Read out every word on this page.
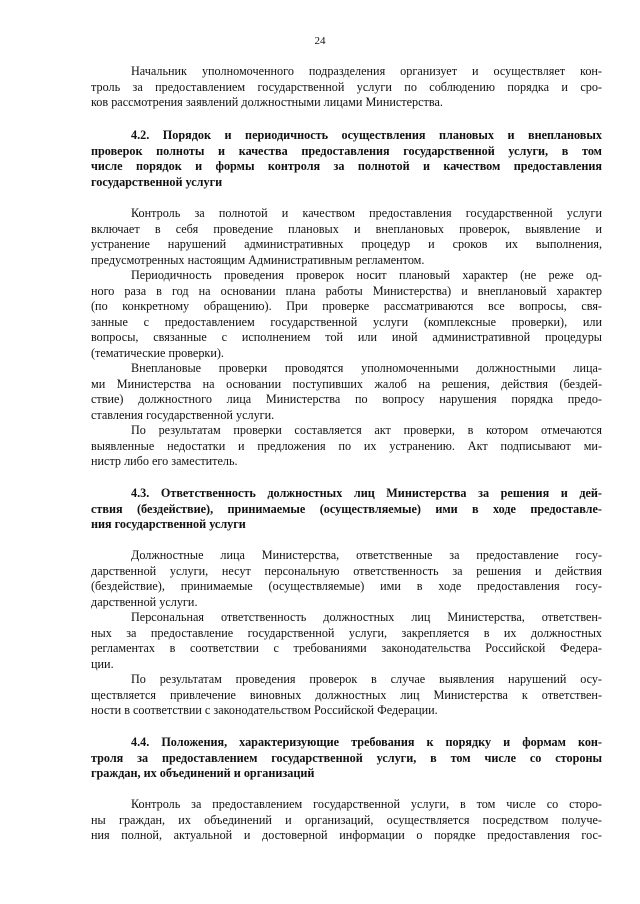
24
Начальник уполномоченного подразделения организует и осуществляет кон-
троль за предоставлением государственной услуги по соблюдению порядка и сро-
ков рассмотрения заявлений должностными лицами Министерства.
4.2. Порядок и периодичность осуществления плановых и внеплановых
проверок полноты и качества предоставления государственной услуги, в том
числе порядок и формы контроля за полнотой и качеством предоставления
государственной услуги
Контроль за полнотой и качеством предоставления государственной услуги
включает в себя проведение плановых и внеплановых проверок, выявление и
устранение нарушений административных процедур и сроков их выполнения,
предусмотренных настоящим Административным регламентом.
Периодичность проведения проверок носит плановый характер (не реже од-
ного раза в год на основании плана работы Министерства) и внеплановый характер
(по конкретному обращению). При проверке рассматриваются все вопросы, свя-
занные с предоставлением государственной услуги (комплексные проверки), или
вопросы, связанные с исполнением той или иной административной процедуры
(тематические проверки).
Внеплановые проверки проводятся уполномоченными должностными лица-
ми Министерства на основании поступивших жалоб на решения, действия (бездей-
ствие) должностного лица Министерства по вопросу нарушения порядка предо-
ставления государственной услуги.
По результатам проверки составляется акт проверки, в котором отмечаются
выявленные недостатки и предложения по их устранению. Акт подписывают ми-
нистр либо его заместитель.
4.3. Ответственность должностных лиц Министерства за решения и дей-
ствия (бездействие), принимаемые (осуществляемые) ими в ходе предоставле-
ния государственной услуги
Должностные лица Министерства, ответственные за предоставление госу-
дарственной услуги, несут персональную ответственность за решения и действия
(бездействие), принимаемые (осуществляемые) ими в ходе предоставления госу-
дарственной услуги.
Персональная ответственность должностных лиц Министерства, ответствен-
ных за предоставление государственной услуги, закрепляется в их должностных
регламентах в соответствии с требованиями законодательства Российской Федера-
ции.
По результатам проведения проверок в случае выявления нарушений осу-
ществляется привлечение виновных должностных лиц Министерства к ответствен-
ности в соответствии с законодательством Российской Федерации.
4.4. Положения, характеризующие требования к порядку и формам кон-
троля за предоставлением государственной услуги, в том числе со стороны
граждан, их объединений и организаций
Контроль за предоставлением государственной услуги, в том числе со сторо-
ны граждан, их объединений и организаций, осуществляется посредством получе-
ния полной, актуальной и достоверной информации о порядке предоставления гос-
